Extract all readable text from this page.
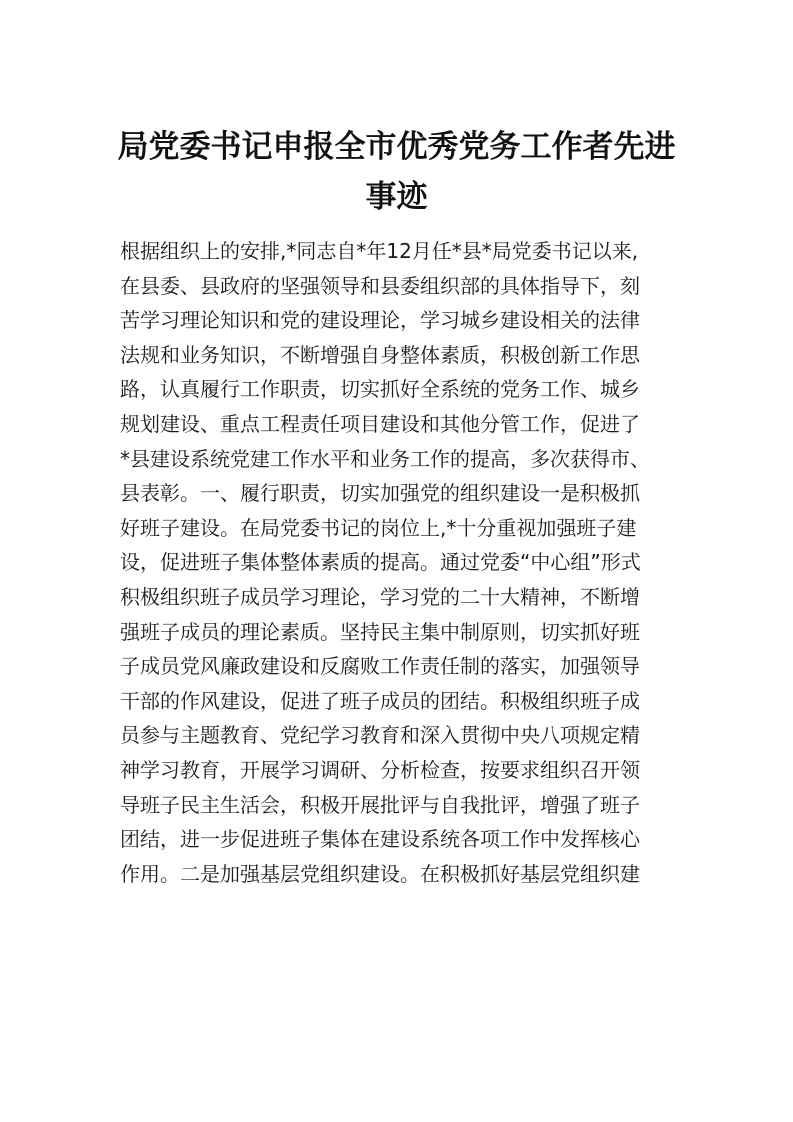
局党委书记申报全市优秀党务工作者先进
事迹
根据组织上的安排,*同志自*年12月任*县*局党委书记以来,
在县委、县政府的坚强领导和县委组织部的具体指导下，刻
苦学习理论知识和党的建设理论，学习城乡建设相关的法律
法规和业务知识，不断增强自身整体素质，积极创新工作思
路，认真履行工作职责，切实抓好全系统的党务工作、城乡
规划建设、重点工程责任项目建设和其他分管工作，促进了
*县建设系统党建工作水平和业务工作的提高，多次获得市、
县表彰。一、履行职责，切实加强党的组织建设一是积极抓
好班子建设。在局党委书记的岗位上,*十分重视加强班子建
设，促进班子集体整体素质的提高。通过党委“中心组”形式
积极组织班子成员学习理论，学习党的二十大精神，不断增
强班子成员的理论素质。坚持民主集中制原则，切实抓好班
子成员党风廉政建设和反腐败工作责任制的落实，加强领导
干部的作风建设，促进了班子成员的团结。积极组织班子成
员参与主题教育、党纪学习教育和深入贯彻中央八项规定精
神学习教育，开展学习调研、分析检查，按要求组织召开领
导班子民主生活会，积极开展批评与自我批评，增强了班子
团结，进一步促进班子集体在建设系统各项工作中发挥核心
作用。二是加强基层党组织建设。在积极抓好基层党组织建
